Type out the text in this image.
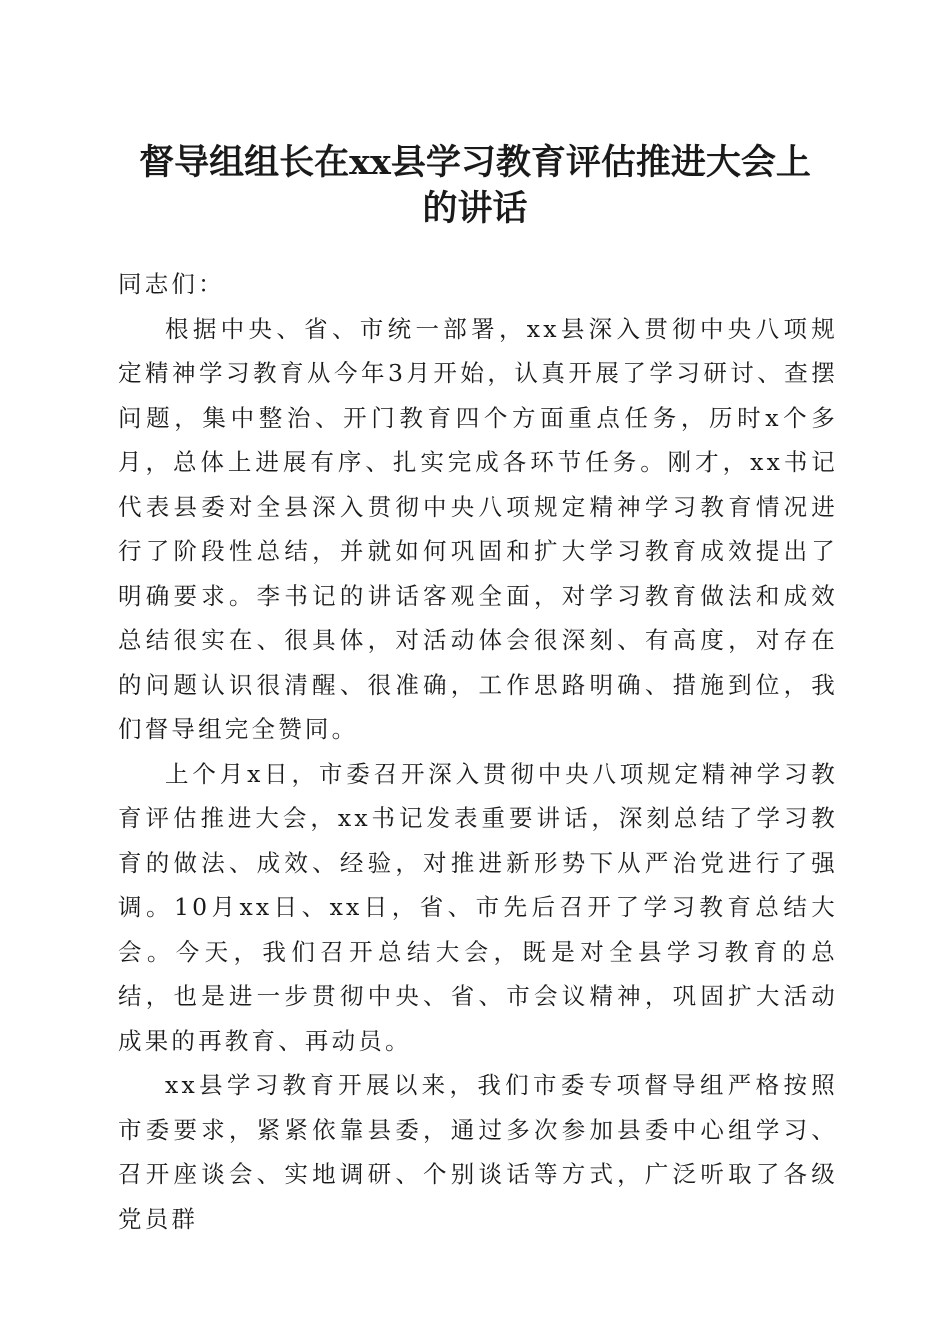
督导组组长在xx县学习教育评估推进大会上
的讲话

同志们：

根据中央、省、市统一部署，xx县深入贯彻中央八项规定精神学习教育从今年3月开始，认真开展了学习研讨、查摆问题，集中整治、开门教育四个方面重点任务，历时x个多月，总体上进展有序、扎实完成各环节任务。刚才，xx书记代表县委对全县深入贯彻中央八项规定精神学习教育情况进行了阶段性总结，并就如何巩固和扩大学习教育成效提出了明确要求。李书记的讲话客观全面，对学习教育做法和成效总结很实在、很具体，对活动体会很深刻、有高度，对存在的问题认识很清醒、很准确，工作思路明确、措施到位，我们督导组完全赞同。

上个月x日，市委召开深入贯彻中央八项规定精神学习教育评估推进大会，xx书记发表重要讲话，深刻总结了学习教育的做法、成效、经验，对推进新形势下从严治党进行了强调。10月xx日、xx日，省、市先后召开了学习教育总结大会。今天，我们召开总结大会，既是对全县学习教育的总结，也是进一步贯彻中央、省、市会议精神，巩固扩大活动成果的再教育、再动员。

xx县学习教育开展以来，我们市委专项督导组严格按照市委要求，紧紧依靠县委，通过多次参加县委中心组学习、召开座谈会、实地调研、个别谈话等方式，广泛听取了各级党员群
